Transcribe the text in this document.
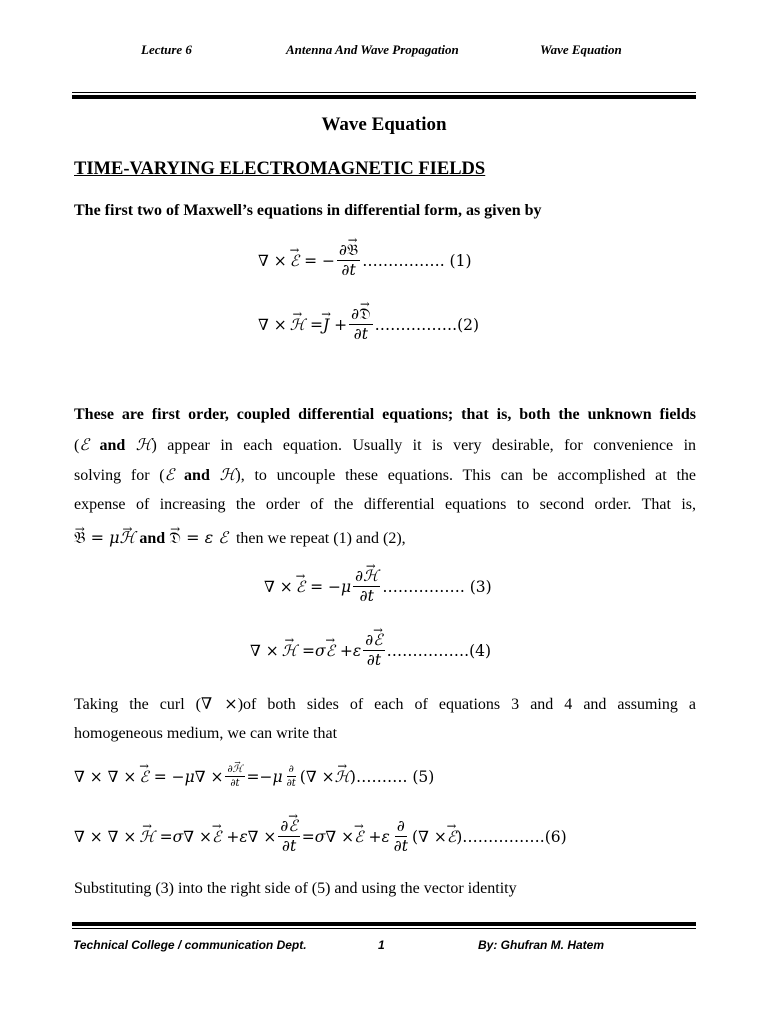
Lecture 6	Antenna And Wave Propagation	Wave Equation
Wave Equation
TIME-VARYING ELECTROMAGNETIC FIELDS
The first two of Maxwell’s equations in differential form, as given by
∇ × → ℰ = − $\frac{\text{∂→ 𝔅}}{\partial t}$ ……………. (1)
∇ × → ℋ = → $J + \frac{\text{∂→ 𝔇}}{\partial t}$ …………….(2)
These are first order, coupled differential equations; that is, both the unknown fields
(ℰ and ℋ) appear in each equation. Usually it is very desirable, for convenience in
solving for (ℰ and ℋ), to uncouple these equations. This can be accomplished at the
expense of increasing the order of the differential equations to second order. That is,
→ 𝔅 = μ→ ℋ and → 𝔇 = ε ℰ then we repeat (1) and (2),
∇ × → ℰ = − μ $\frac{\text{∂→ ℋ}}{\partial t}$ ……………. (3)
∇ × → ℋ = σ → ℰ + ε $\frac{\text{∂→ ℰ}}{\partial t}$ …………….(4)
Taking the curl (∇ ×)of both sides of each of equations 3 and 4 and assuming a
homogeneous medium, we can write that
∇ × ∇ × → ℰ = − μ ∇ × $\frac{\text{∂→ ℋ}}{\partial t} =- \mu \frac{\partial}{\partial t}$ (∇ × → ℋ ) ………. (5)
∇ × ∇ × → ℋ = σ ∇ × → ℰ + ε ∇ × $\frac{\text{∂→ ℰ}}{\partial t} = \sigma$ ∇ × → ℰ + ε $\frac{\partial}{\partial t}$ (∇ × → ℰ ) …………….(6)
Substituting (3) into the right side of (5) and using the vector identity
Technical College / communication Dept.	1	By: Ghufran M. Hatem
